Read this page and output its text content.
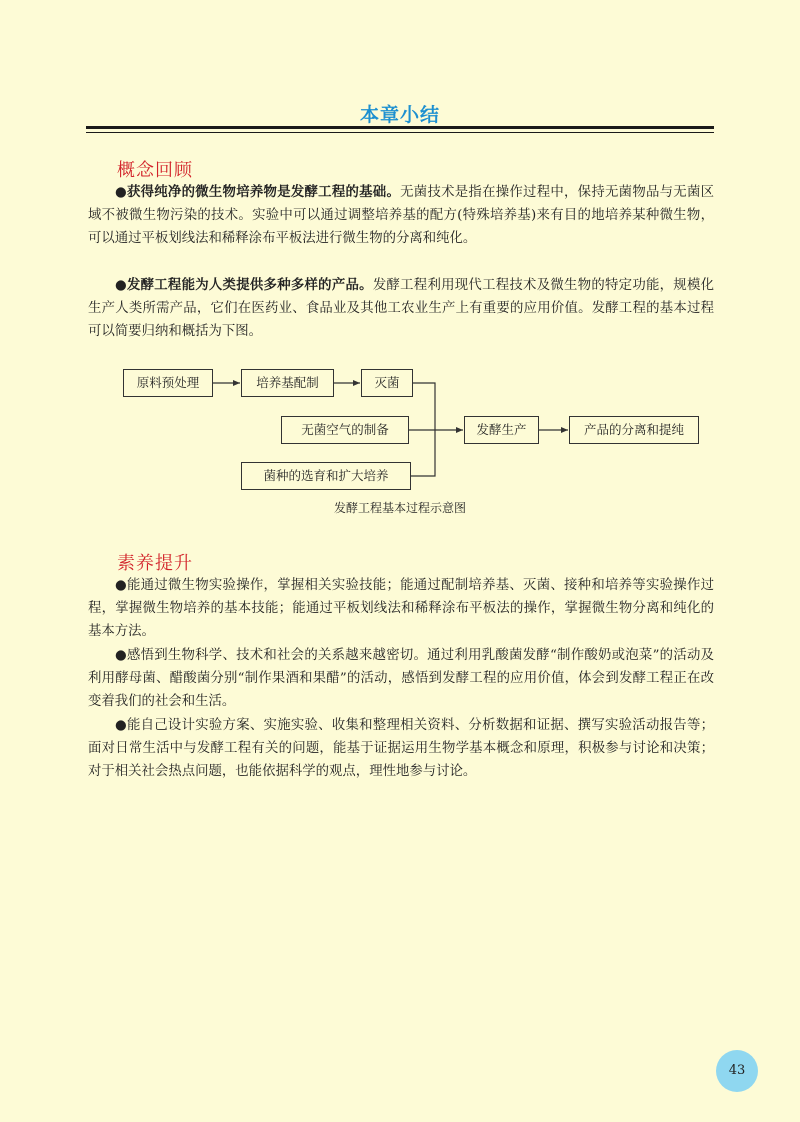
本章小结
概念回顾

●获得纯净的微生物培养物是发酵工程的基础。无菌技术是指在操作过程中，保持无菌物品与无菌区域不被微生物污染的技术。实验中可以通过调整培养基的配方(特殊培养基)来有目的地培养某种微生物，可以通过平板划线法和稀释涂布平板法进行微生物的分离和纯化。

●发酵工程能为人类提供多种多样的产品。发酵工程利用现代工程技术及微生物的特定功能，规模化生产人类所需产品，它们在医药业、食品业及其他工农业生产上有重要的应用价值。发酵工程的基本过程可以简要归纳和概括为下图。

原料预处理	培养基配制	灭菌
无菌空气的制备
菌种的选育和扩大培养
发酵生产	产品的分离和提纯
发酵工程基本过程示意图
素养提升

●能通过微生物实验操作，掌握相关实验技能；能通过配制培养基、灭菌、接种和培养等实验操作过程，掌握微生物培养的基本技能；能通过平板划线法和稀释涂布平板法的操作，掌握微生物分离和纯化的基本方法。

●感悟到生物科学、技术和社会的关系越来越密切。通过利用乳酸菌发酵“制作酸奶或泡菜”的活动及利用酵母菌、醋酸菌分别“制作果酒和果醋”的活动，感悟到发酵工程的应用价值，体会到发酵工程正在改变着我们的社会和生活。

●能自己设计实验方案、实施实验、收集和整理相关资料、分析数据和证据、撰写实验活动报告等；面对日常生活中与发酵工程有关的问题，能基于证据运用生物学基本概念和原理，积极参与讨论和决策；对于相关社会热点问题，也能依据科学的观点，理性地参与讨论。

43
